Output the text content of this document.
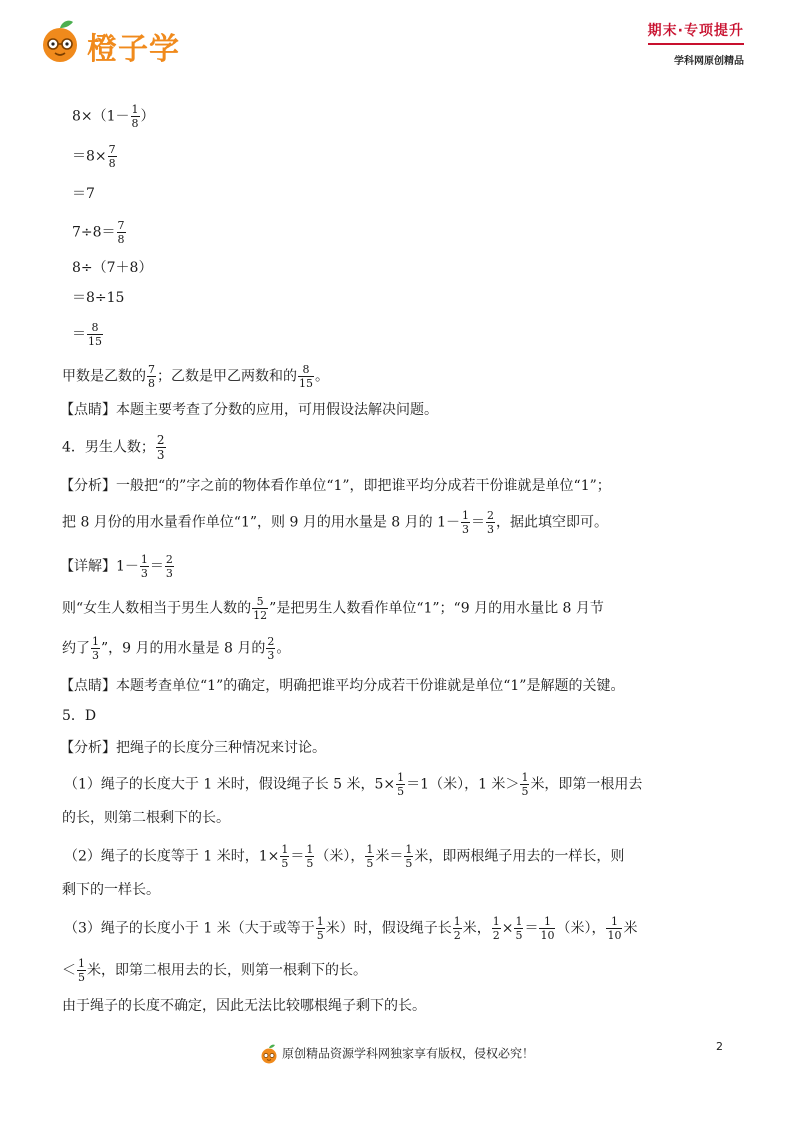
橙子学
期末·专项提升
学科网原创精品
$8\times(1- \frac{1}{8}$ ）
$=8\times \frac{7}{8}$
＝7
$7\div 8= \frac{7}{8}$
8÷（7＋8）
＝8÷15
＝ $\frac{8}{15}$
甲数是乙数的 $\frac{7}{8}$ ；乙数是甲乙两数和的 $\frac{8}{15}$ 。
【点睛】本题主要考查了分数的应用，可用假设法解决问题。
4．男生人数； $\frac{2}{3}$
【分析】一般把“的”字之前的物体看作单位“1”，即把谁平均分成若干份谁就是单位“1”；
把 8 月份的用水量看作单位“1”，则 9 月的用水量是 8 月的 $1- \frac{1}{3} = \frac{2}{3}$ ，据此填空即可。
【详解】$1- \frac{1}{3} = \frac{2}{3}$
则“女生人数相当于男生人数的 $\frac{5}{12}$ ”是把男生人数看作单位“1”；“9 月的用水量比 8 月节
约了 $\frac{1}{3}$ ”，9 月的用水量是 8 月的 $\frac{2}{3}$ 。
【点睛】本题考查单位“1”的确定，明确把谁平均分成若干份谁就是单位“1”是解题的关键。
5．D
【分析】把绳子的长度分三种情况来讨论。
（1）绳子的长度大于 1 米时，假设绳子长 5 米，$5\times \frac{1}{5} =1$（米），1 米＞ $\frac{1}{5}$ 米，即第一根用去
的长，则第二根剩下的长。
（2）绳子的长度等于 1 米时，$1\times \frac{1}{5} = \frac{1}{5}$ （米）， $\frac{1}{5}$ 米＝ $\frac{1}{5}$ 米，即两根绳子用去的一样长，则
剩下的一样长。
（3）绳子的长度小于 1 米（大于或等于 $\frac{1}{5}$ 米）时，假设绳子长 $\frac{1}{2}$ 米， $\frac{1}{2} \times \frac{1}{5} = \frac{1}{10}$ （米）， $\frac{1}{10}$ 米
＜ $\frac{1}{5}$ 米，即第二根用去的长，则第一根剩下的长。
由于绳子的长度不确定，因此无法比较哪根绳子剩下的长。
2
原创精品资源学科网独家享有版权，侵权必究！
